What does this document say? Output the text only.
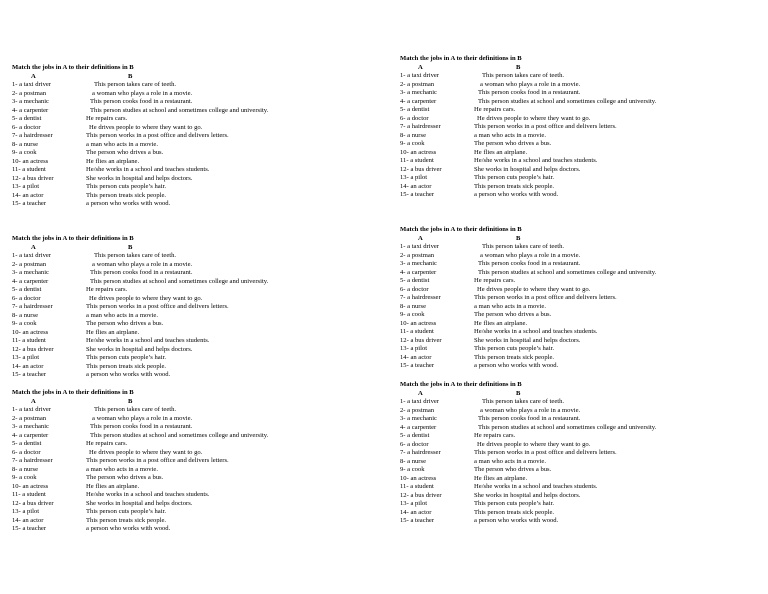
Match the jobs in A to their definitions in B
A	B
1- a taxi driver	This person takes care of teeth.
2- a postman	a woman who plays a role in a movie.
3- a mechanic	This person cooks food in a restaurant.
4- a carpenter	This person studies at school and sometimes college and university.
5- a dentist	He repairs cars.
6- a doctor	He drives people to where they want to go.
7- a hairdresser	This person works in a post office and delivers letters.
8- a nurse	a man who acts in a movie.
9- a cook	The person who drives a bus.
10- an actress	He flies an airplane.
11- a student	He/she works in a school and teaches students.
12- a bus driver	She works in hospital and helps doctors.
13- a pilot	This person cuts people’s hair.
14- an actor	This person treats sick people.
15- a teacher	a person who works with wood.
Match the jobs in A to their definitions in B
A	B
1- a taxi driver	This person takes care of teeth.
2- a postman	a woman who plays a role in a movie.
3- a mechanic	This person cooks food in a restaurant.
4- a carpenter	This person studies at school and sometimes college and university.
5- a dentist	He repairs cars.
6- a doctor	He drives people to where they want to go.
7- a hairdresser	This person works in a post office and delivers letters.
8- a nurse	a man who acts in a movie.
9- a cook	The person who drives a bus.
10- an actress	He flies an airplane.
11- a student	He/she works in a school and teaches students.
12- a bus driver	She works in hospital and helps doctors.
13- a pilot	This person cuts people’s hair.
14- an actor	This person treats sick people.
15- a teacher	a person who works with wood.
Match the jobs in A to their definitions in B
A	B
1- a taxi driver	This person takes care of teeth.
2- a postman	a woman who plays a role in a movie.
3- a mechanic	This person cooks food in a restaurant.
4- a carpenter	This person studies at school and sometimes college and university.
5- a dentist	He repairs cars.
6- a doctor	He drives people to where they want to go.
7- a hairdresser	This person works in a post office and delivers letters.
8- a nurse	a man who acts in a movie.
9- a cook	The person who drives a bus.
10- an actress	He flies an airplane.
11- a student	He/she works in a school and teaches students.
12- a bus driver	She works in hospital and helps doctors.
13- a pilot	This person cuts people’s hair.
14- an actor	This person treats sick people.
15- a teacher	a person who works with wood.
Match the jobs in A to their definitions in B
A	B
1- a taxi driver	This person takes care of teeth.
2- a postman	a woman who plays a role in a movie.
3- a mechanic	This person cooks food in a restaurant.
4- a carpenter	This person studies at school and sometimes college and university.
5- a dentist	He repairs cars.
6- a doctor	He drives people to where they want to go.
7- a hairdresser	This person works in a post office and delivers letters.
8- a nurse	a man who acts in a movie.
9- a cook	The person who drives a bus.
10- an actress	He flies an airplane.
11- a student	He/she works in a school and teaches students.
12- a bus driver	She works in hospital and helps doctors.
13- a pilot	This person cuts people’s hair.
14- an actor	This person treats sick people.
15- a teacher	a person who works with wood.
Match the jobs in A to their definitions in B
A	B
1- a taxi driver	This person takes care of teeth.
2- a postman	a woman who plays a role in a movie.
3- a mechanic	This person cooks food in a restaurant.
4- a carpenter	This person studies at school and sometimes college and university.
5- a dentist	He repairs cars.
6- a doctor	He drives people to where they want to go.
7- a hairdresser	This person works in a post office and delivers letters.
8- a nurse	a man who acts in a movie.
9- a cook	The person who drives a bus.
10- an actress	He flies an airplane.
11- a student	He/she works in a school and teaches students.
12- a bus driver	She works in hospital and helps doctors.
13- a pilot	This person cuts people’s hair.
14- an actor	This person treats sick people.
15- a teacher	a person who works with wood.
Match the jobs in A to their definitions in B
A	B
1- a taxi driver	This person takes care of teeth.
2- a postman	a woman who plays a role in a movie.
3- a mechanic	This person cooks food in a restaurant.
4- a carpenter	This person studies at school and sometimes college and university.
5- a dentist	He repairs cars.
6- a doctor	He drives people to where they want to go.
7- a hairdresser	This person works in a post office and delivers letters.
8- a nurse	a man who acts in a movie.
9- a cook	The person who drives a bus.
10- an actress	He flies an airplane.
11- a student	He/she works in a school and teaches students.
12- a bus driver	She works in hospital and helps doctors.
13- a pilot	This person cuts people’s hair.
14- an actor	This person treats sick people.
15- a teacher	a person who works with wood.
